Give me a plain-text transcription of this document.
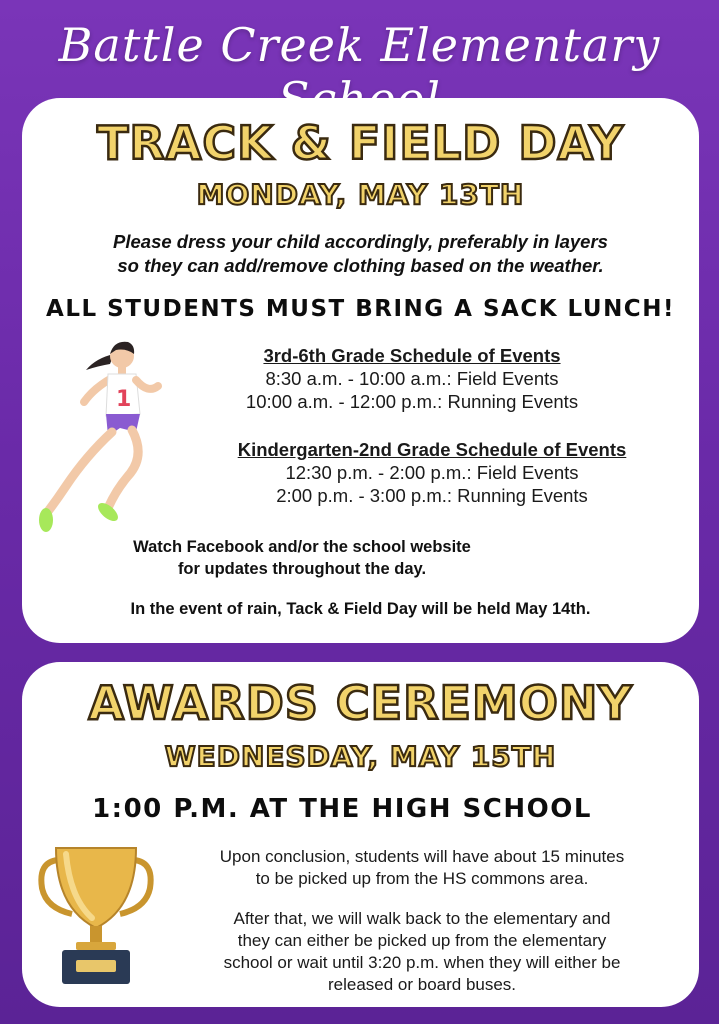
Battle Creek Elementary
TRACK & FIELD DAY
MONDAY, MAY 13TH
Please dress your child accordingly, preferably in layers
so they can add/remove clothing based on the weather.
ALL STUDENTS MUST BRING A SACK LUNCH!
1
3rd-6th Grade Schedule of Events
8:30 a.m. - 10:00 a.m.: Field Events
10:00 a.m. - 12:00 p.m.: Running Events
Kindergarten-2nd Grade Schedule of Events
12:30 p.m. - 2:00 p.m.: Field Events
2:00 p.m. - 3:00 p.m.: Running Events
Watch Facebook and/or the school website
for updates throughout the day.
In the event of rain, Tack & Field Day will be held May 14th.
AWARDS CEREMONY
WEDNESDAY, MAY 15TH
1:00 P.M. AT THE HIGH SCHOOL
Upon conclusion, students will have about 15 minutes
to be picked up from the HS commons area.
After that, we will walk back to the elementary and
they can either be picked up from the elementary
school or wait until 3:20 p.m. when they will either be
released or board buses.
